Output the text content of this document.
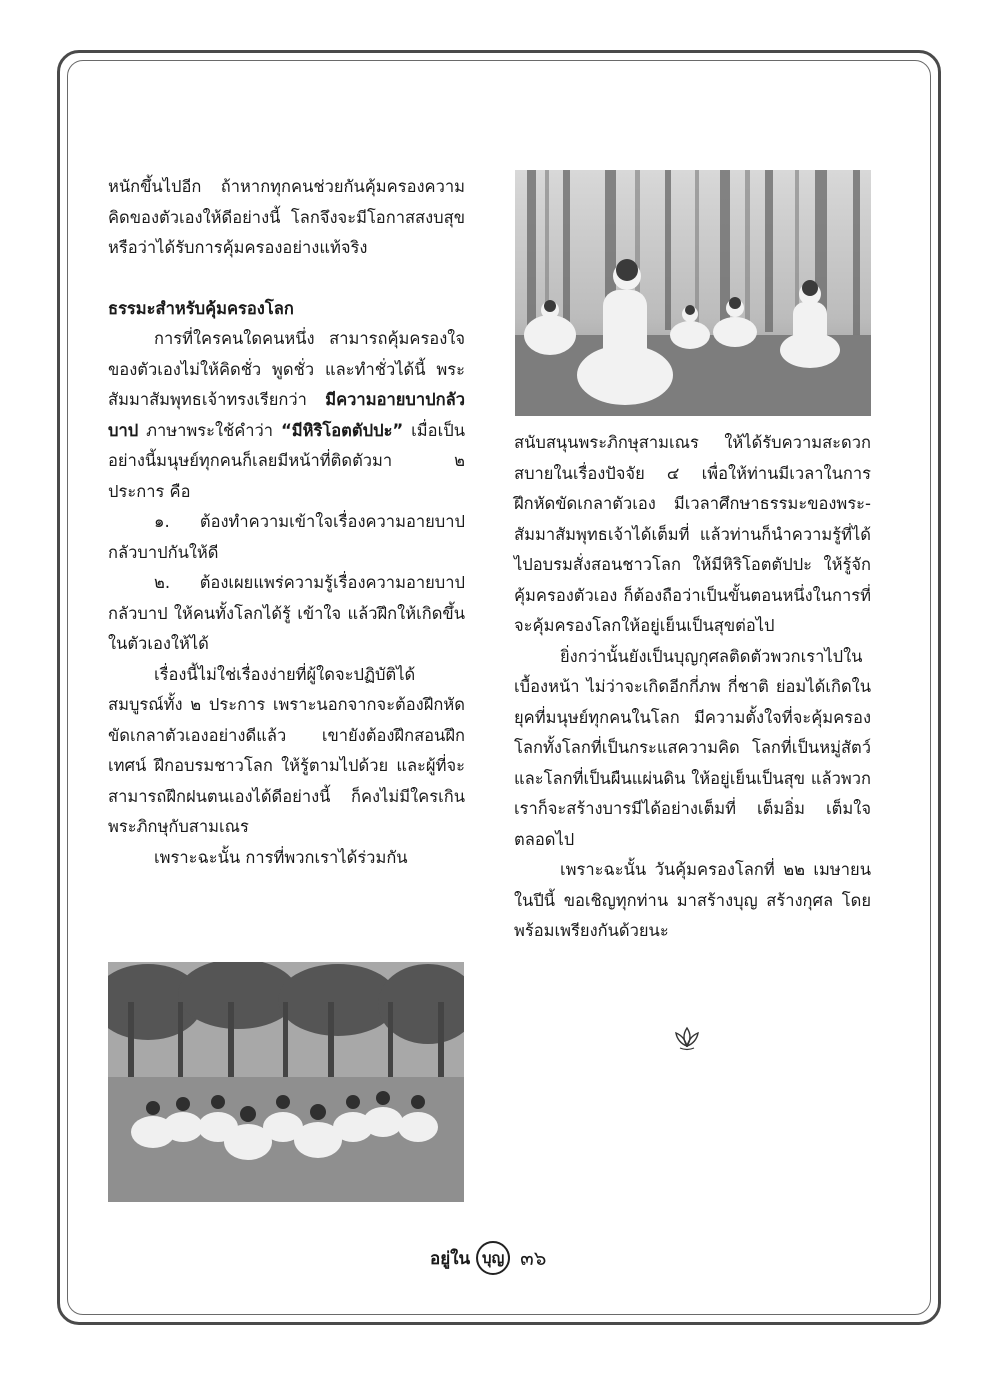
หนักขึ้นไปอีก ถ้าหากทุกคนช่วยกันคุ้มครองความคิดของตัวเองให้ดีอย่างนี้ โลกจึงจะมีโอกาสสงบสุข หรือว่าได้รับการคุ้มครองอย่างแท้จริง

ธรรมะสำหรับคุ้มครองโลก

การที่ใครคนใดคนหนึ่ง สามารถคุ้มครองใจของตัวเองไม่ให้คิดชั่ว พูดชั่ว และทำชั่วได้นี้ พระสัมมาสัมพุทธเจ้าทรงเรียกว่า มีความอายบาปกลัวบาป ภาษาพระใช้คำว่า “มีหิริโอตตัปปะ” เมื่อเป็นอย่างนี้มนุษย์ทุกคนก็เลยมีหน้าที่ติดตัวมา ๒ ประการ คือ

๑. ต้องทำความเข้าใจเรื่องความอายบาปกลัวบาปกันให้ดี

๒. ต้องเผยแพร่ความรู้เรื่องความอายบาปกลัวบาป ให้คนทั้งโลกได้รู้ เข้าใจ แล้วฝึกให้เกิดขึ้นในตัวเองให้ได้

เรื่องนี้ไม่ใช่เรื่องง่ายที่ผู้ใดจะปฏิบัติได้สมบูรณ์ทั้ง ๒ ประการ เพราะนอกจากจะต้องฝึกหัดขัดเกลาตัวเองอย่างดีแล้ว เขายังต้องฝึกสอนฝึกเทศน์ ฝึกอบรมชาวโลก ให้รู้ตามไปด้วย และผู้ที่จะสามารถฝึกฝนตนเองได้ดีอย่างนี้ ก็คงไม่มีใครเกินพระภิกษุกับสามเณร

เพราะฉะนั้น การที่พวกเราได้ร่วมกัน

สนับสนุนพระภิกษุสามเณร ให้ได้รับความสะดวกสบายในเรื่องปัจจัย ๔ เพื่อให้ท่านมีเวลาในการฝึกหัดขัดเกลาตัวเอง มีเวลาศึกษาธรรมะของพระ-สัมมาสัมพุทธเจ้าได้เต็มที่ แล้วท่านก็นำความรู้ที่ได้ไปอบรมสั่งสอนชาวโลก ให้มีหิริโอตตัปปะ ให้รู้จักคุ้มครองตัวเอง ก็ต้องถือว่าเป็นขั้นตอนหนึ่งในการที่จะคุ้มครองโลกให้อยู่เย็นเป็นสุขต่อไป

ยิ่งกว่านั้นยังเป็นบุญกุศลติดตัวพวกเราไปในเบื้องหน้า ไม่ว่าจะเกิดอีกกี่ภพ กี่ชาติ ย่อมได้เกิดในยุคที่มนุษย์ทุกคนในโลก มีความตั้งใจที่จะคุ้มครองโลกทั้งโลกที่เป็นกระแสความคิด โลกที่เป็นหมู่สัตว์ และโลกที่เป็นผืนแผ่นดิน ให้อยู่เย็นเป็นสุข แล้วพวกเราก็จะสร้างบารมีได้อย่างเต็มที่ เต็มอิ่ม เต็มใจ ตลอดไป

เพราะฉะนั้น วันคุ้มครองโลกที่ ๒๒ เมษายนในปีนี้ ขอเชิญทุกท่าน มาสร้างบุญ สร้างกุศล โดยพร้อมเพรียงกันด้วยนะ

อยู่ใน บุญ ๓๖
